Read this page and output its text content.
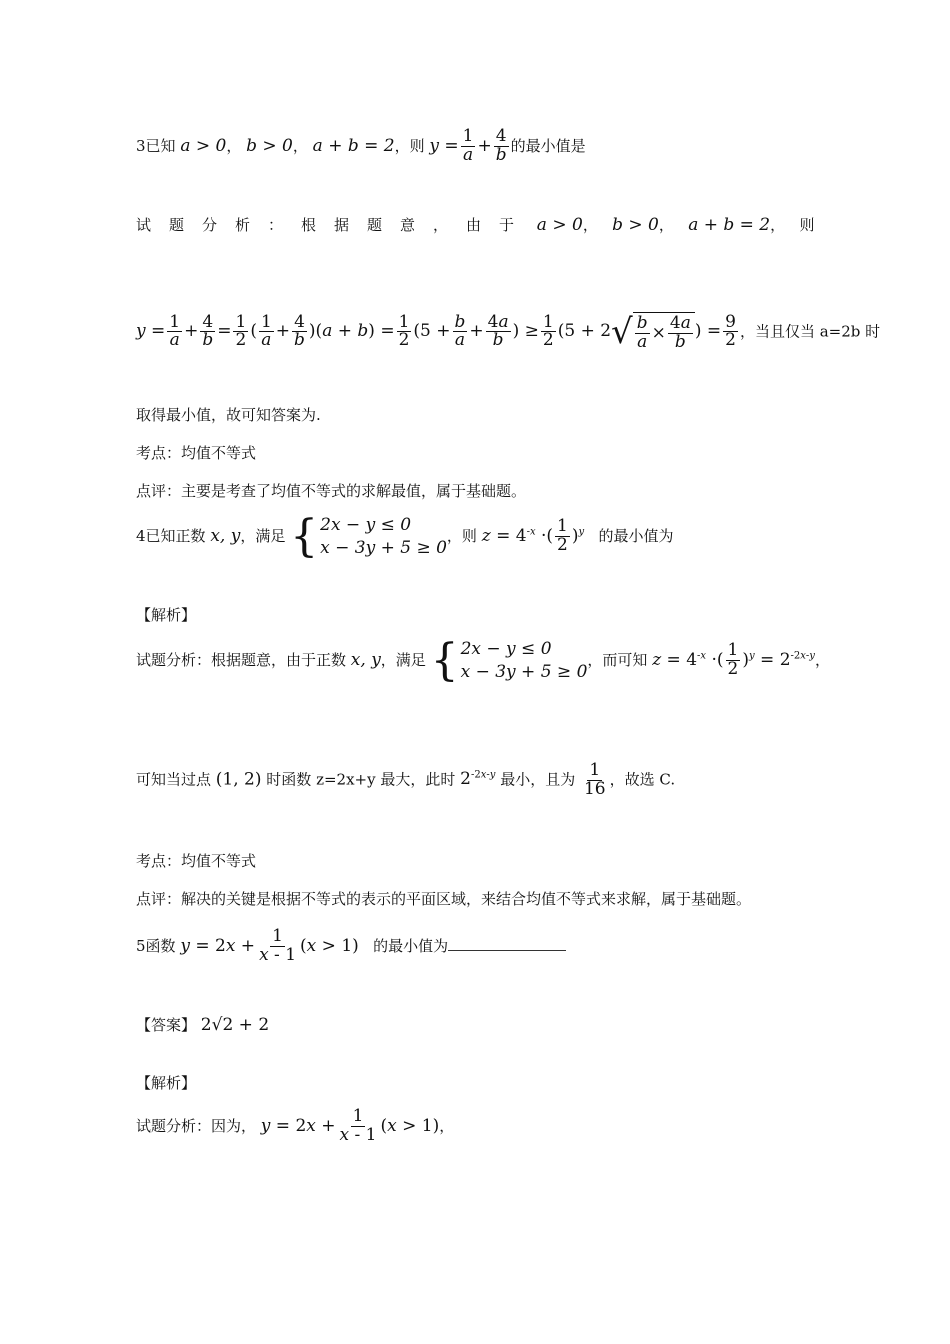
3已知 a > 0， b > 0， a + b = 2，则 $y = \frac{1}{a} + \frac{4}{b}$ 的最小值是
试题分析：根据题意，由于 a > 0，   b > 0，   a + b = 2，   则
$y = \frac{1}{a} + \frac{4}{b} = \frac{1}{2}$ ( $\frac{1}{a} + \frac{4}{b} )(a + b) = \frac{1}{2} (5 + \frac{b}{a} + \frac{4a}{b}$ ) ≥ $\frac{1}{2} (5 + 2$ √ $\frac{b}{a} \times \frac{4a}{b}$ ) = $\frac{9}{2}$ ，当且仅当 a=2b 时
取得最小值，故可知答案为.
考点：均值不等式
点评：主要是考查了均值不等式的求解最值，属于基础题。
4已知正数 x, y，满足 { 2x − y ≤ 0
x − 3y + 5 ≥ 0
，则 $z = 4^{-x}$ ·( $\frac{1}{2} )^y$ 的最小值为
【解析】
试题分析：根据题意，由于正数 x, y，满足 { 2x − y ≤ 0
x − 3y + 5 ≥ 0
，而可知 $z = 4^{-x}$ ·( $\frac{1}{2} )^y = 2^{-2x-y}$，
可知当过点 (1, 2) 时函数 z=2x+y 最大，此时 $2^{-2x-y}$ 最小，且为 $\frac{1}{16}$ ，故选 C.
考点：均值不等式
点评：解决的关键是根据不等式的表示的平面区域，来结合均值不等式来求解，属于基础题。
5函数 $y = 2x + \frac{1}{x - 1} (x > 1)$ 的最小值为
【答案】 2√2 + 2
【解析】
试题分析：因为， $y = 2x + \frac{1}{x - 1} (x > 1)$，
